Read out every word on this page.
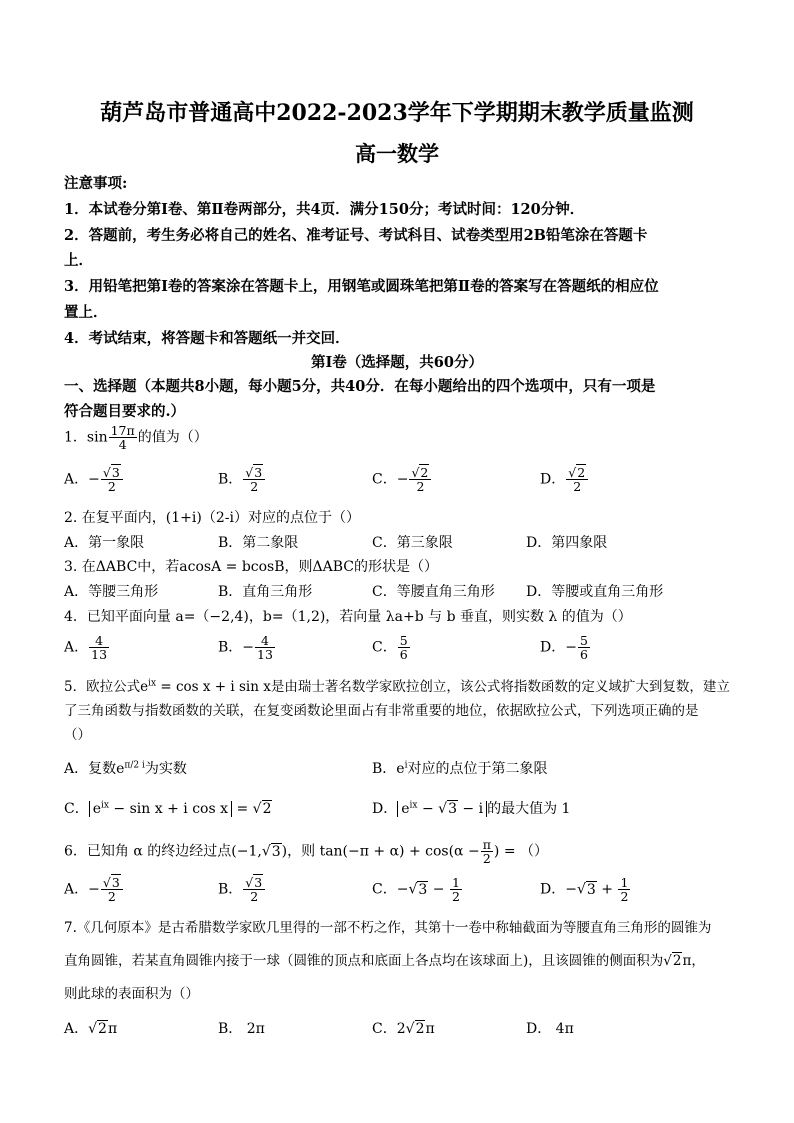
葫芦岛市普通高中2022-2023学年下学期期末教学质量监测
高一数学
注意事项:
1．本试卷分第Ⅰ卷、第Ⅱ卷两部分，共4页．满分150分；考试时间：120分钟．
2．答题前，考生务必将自己的姓名、准考证号、考试科目、试卷类型用2B铅笔涂在答题卡
上．
3．用铅笔把第Ⅰ卷的答案涂在答题卡上，用钢笔或圆珠笔把第Ⅱ卷的答案写在答题纸的相应位
置上．
4．考试结束，将答题卡和答题纸一并交回．
第Ⅰ卷（选择题，共60分）
一、选择题（本题共8小题，每小题5分，共40分．在每小题给出的四个选项中，只有一项是
符合题目要求的.）
1．$\sin \frac{17\pi}{4}$ 的值为（）
A．− $\frac{√3}{2}$	B． $\frac{√3}{2}$	C．− $\frac{√2}{2}$	D． $\frac{√2}{2}$
2. 在复平面内，(1+i)（2-i）对应的点位于（）
A．第一象限	B．第二象限	C．第三象限	D．第四象限
3. 在ΔABC中，若acosA = bcosB，则ΔABC的形状是（）
A．等腰三角形	B．直角三角形	C．等腰直角三角形 D．等腰或直角三角形
4．已知平面向量 a=（−2,4)，b=（1,2)，若向量 λa+b 与 b 垂直，则实数 λ 的值为（）
A． $\frac{4}{13}$	B．− $\frac{4}{13}$	C． $\frac{5}{6}$	D．− $\frac{5}{6}$
5．欧拉公式$e^{ix} = \cos x + i$ sin x是由瑞士著名数学家欧拉创立，该公式将指数函数的定义域扩大到复数，建立
了三角函数与指数函数的关联，在复变函数论里面占有非常重要的地位，依据欧拉公式，下列选项正确的是
（）
A．复数$e^{\pi/2 i}$为实数	B．$e^i$对应的点位于第二象限
C． $e^{ix} - \sin x + i$ cos x = √2	D． $e^{ix} - √3 - i$ 的最大值为 1
6．已知角 α 的终边经过点(−1,√3)，则 $\tan(-\pi + \alpha) + \cos(\alpha - \frac{\pi}{2}$ ) = （）
A．− $\frac{√3}{2}$	B． $\frac{√3}{2}$	C．$-√3 - \frac{1}{2}$	D．$-√3 + \frac{1}{2}$
7.《几何原本》是古希腊数学家欧几里得的一部不朽之作，其第十一卷中称轴截面为等腰直角三角形的圆锥为
直角圆锥，若某直角圆锥内接于一球（圆锥的顶点和底面上各点均在该球面上)，且该圆锥的侧面积为√2π，
则此球的表面积为（）
A．√2π	B． 2π	C．2√2π	D． 4π
